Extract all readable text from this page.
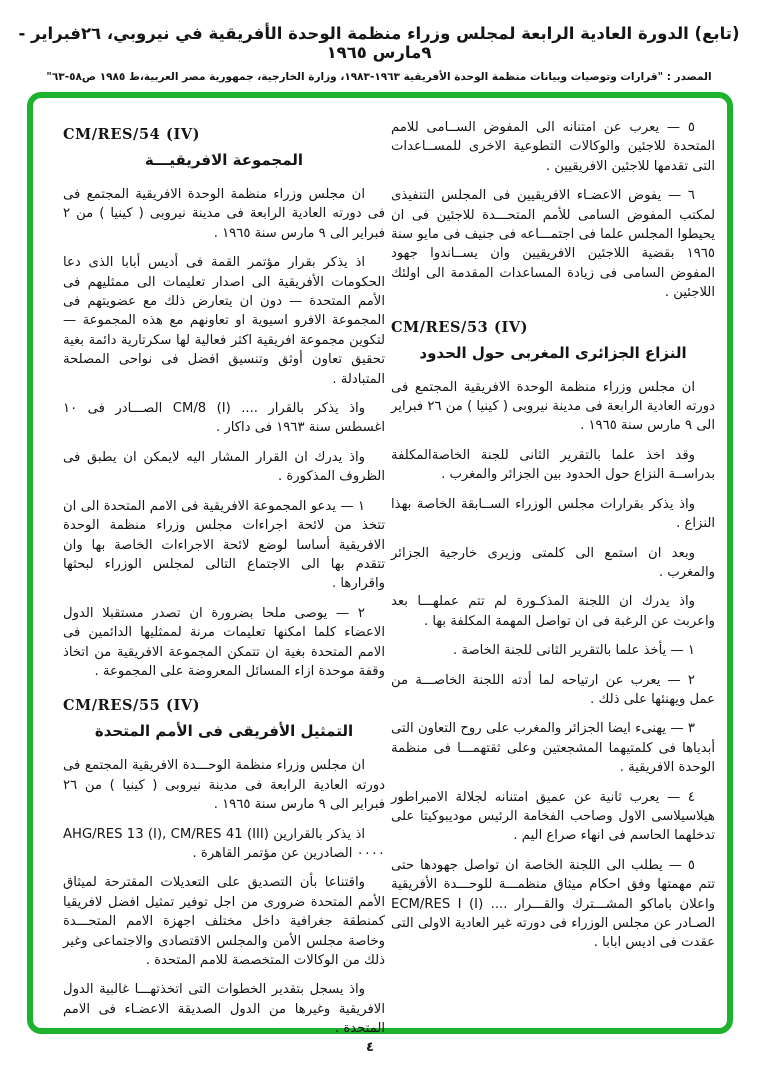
(تابع) الدورة العادية الرابعة لمجلس وزراء منظمة الوحدة الأفريقية في نيروبي، ٢٦فبراير - ٩مارس ١٩٦٥
المصدر : "قرارات وتوصيات وبيانات منظمة الوحدة الأفريقية ١٩٦٣-١٩٨٣، وزارة الخارجية، جمهورية مصر العربية،ط ١٩٨٥ ص٥٨-٦٣"
CM/RES/54 (IV)
المجموعة الافريقيـــة
ان مجلس وزراء منظمة الوحدة الافريقية المجتمع فى فى دورته العادية الرابعة فى مدينة نيروبى ( كينيا ) من ٢ فبراير الى ٩ مارس سنة ١٩٦٥ .
اذ يذكر بقرار مؤتمر القمة فى أديس أبابا الذى دعا الحكومات الأفريقية الى اصدار تعليمات الى ممثليهم فى الأمم المتحدة — دون ان يتعارض ذلك مع عضويتهم فى المجموعة الافرو اسيوية او تعاونهم مع هذه المجموعة — لتكوين مجموعة افريقية اكثر فعالية لها سكرتارية دائمة بغية تحقيق تعاون أوثق وتنسيق افضل فى نواحى المصلحة المتبادلة .
واذ يذكر بالقرار .... CM/8 (I) الصـــادر فى ١٠ اغسطس سنة ١٩٦٣ فى داكار .
واذ يدرك ان القرار المشار اليه لايمكن ان يطبق فى الظروف المذكورة .
١ — يدعو المجموعة الافريقية فى الامم المتحدة الى ان تتخذ من لائحة اجراءات مجلس وزراء منظمة الوحدة الافريقية أساسا لوضع لائحة الاجراءات الخاصة بها وان تتقدم بها الى الاجتماع التالى لمجلس الوزراء لبحثها واقرارها .
٢ — يوصى ملحا بضرورة ان تصدر مستقبلا الدول الاعضاء كلما امكنها تعليمات مرنة لممثليها الدائمين فى الامم المتحدة بغية ان تتمكن المجموعة الافريقية من اتخاذ وقفة موحدة ازاء المسائل المعروضة على المجموعة .
CM/RES/55 (IV)
التمثيل الأفريقى فى الأمم المتحدة
ان مجلس وزراء منظمة الوحـــدة الافريقية المجتمع فى دورته العادية الرابعة فى مدينة نيروبى ( كينيا ) من ٢٦ فبراير الى ٩ مارس سنة ١٩٦٥ .
اذ يذكر بالقرارين AHG/RES 13 (I), CM/RES 41 (III) ٠٠٠٠ الصادرين عن مؤتمر القاهرة .
واقتناعا بأن التصديق على التعديلات المقترحة لميثاق الأمم المتحدة ضرورى من اجل توفير تمثيل افضل لافريقيا كمنطقة جغرافية داخل مختلف اجهزة الامم المتحـــدة وخاصة مجلس الأمن والمجلس الاقتصادى والاجتماعى وغير ذلك من الوكالات المتخصصة للامم المتحدة .
واذ يسجل بتقدير الخطوات التى اتخذتهـــا غالبية الدول الافريقية وغيرها من الدول الصديقة الاعضـاء فى الامم المتحدة .
٥ — يعرب عن امتنانه الى المفوض الســامى للامم المتحدة للاجئين والوكالات التطوعية الاخرى للمســاعدات التى تقدمها للاجئين الافريقيين .
٦ — يفوض الاعضـاء الافريقيين فى المجلس التنفيذى لمكتب المفوض السامى للأمم المتحـــدة للاجئين فى ان يحيطوا المجلس علما فى اجتمـــاعه فى جنيف فى مايو سنة ١٩٦٥ بقضية اللاجئين الافريقيين وان يســاندوا جهود المفوض السامى فى زيادة المساعدات المقدمة الى اولئك اللاجئين .
CM/RES/53 (IV)
النزاع الجزائرى المغربى حول الحدود
ان مجلس وزراء منظمة الوحدة الافريقية المجتمع فى دورته العادية الرابعة فى مدينة نيروبى ( كينيا ) من ٢٦ فبراير الى ٩ مارس سنة ١٩٦٥ .
وقد اخذ علما بالتقرير الثانى للجنة الخاصةالمكلفة بدراســة النزاع حول الحدود بين الجزائر والمغرب .
واذ يذكر بقرارات مجلس الوزراء الســابقة الخاصة بهذا النزاع .
وبعد ان استمع الى كلمتى وزيرى خارجية الجزائر والمغرب .
واذ يدرك ان اللجنة المذكـورة لم تتم عملهـــا بعد واعربت عن الرغبة فى ان تواصل المهمة المكلفة بها .
١ — يأخذ علما بالتقرير الثانى للجنة الخاصة .
٢ — يعرب عن ارتياحه لما أدته اللجنة الخاصـــة من عمل ويهنئها على ذلك .
٣ — يهنىء ايضا الجزائر والمغرب على روح التعاون التى أبدياها فى كلمتيهما المشجعتين وعلى ثقتهمـــا فى منظمة الوحدة الافريقية .
٤ — يعرب ثانية عن عميق امتنانه لجلالة الامبراطور هيلاسيلاسى الاول وصاحب الفخامة الرئيس موديبوكيتا على تدخلهما الحاسم فى انهاء صراع اليم .
٥ — يطلب الى اللجنة الخاصة ان تواصل جهودها حتى تتم مهمتها وفق احكام ميثاق منظمـــة للوحـــدة الأفريقية واعلان باماكو المشـــترك والقـــرار .... ECM/RES I (I) الصـادر عن مجلس الوزراء فى دورته غير العادية الاولى التى عقدت فى اديس ابابا .
٤
